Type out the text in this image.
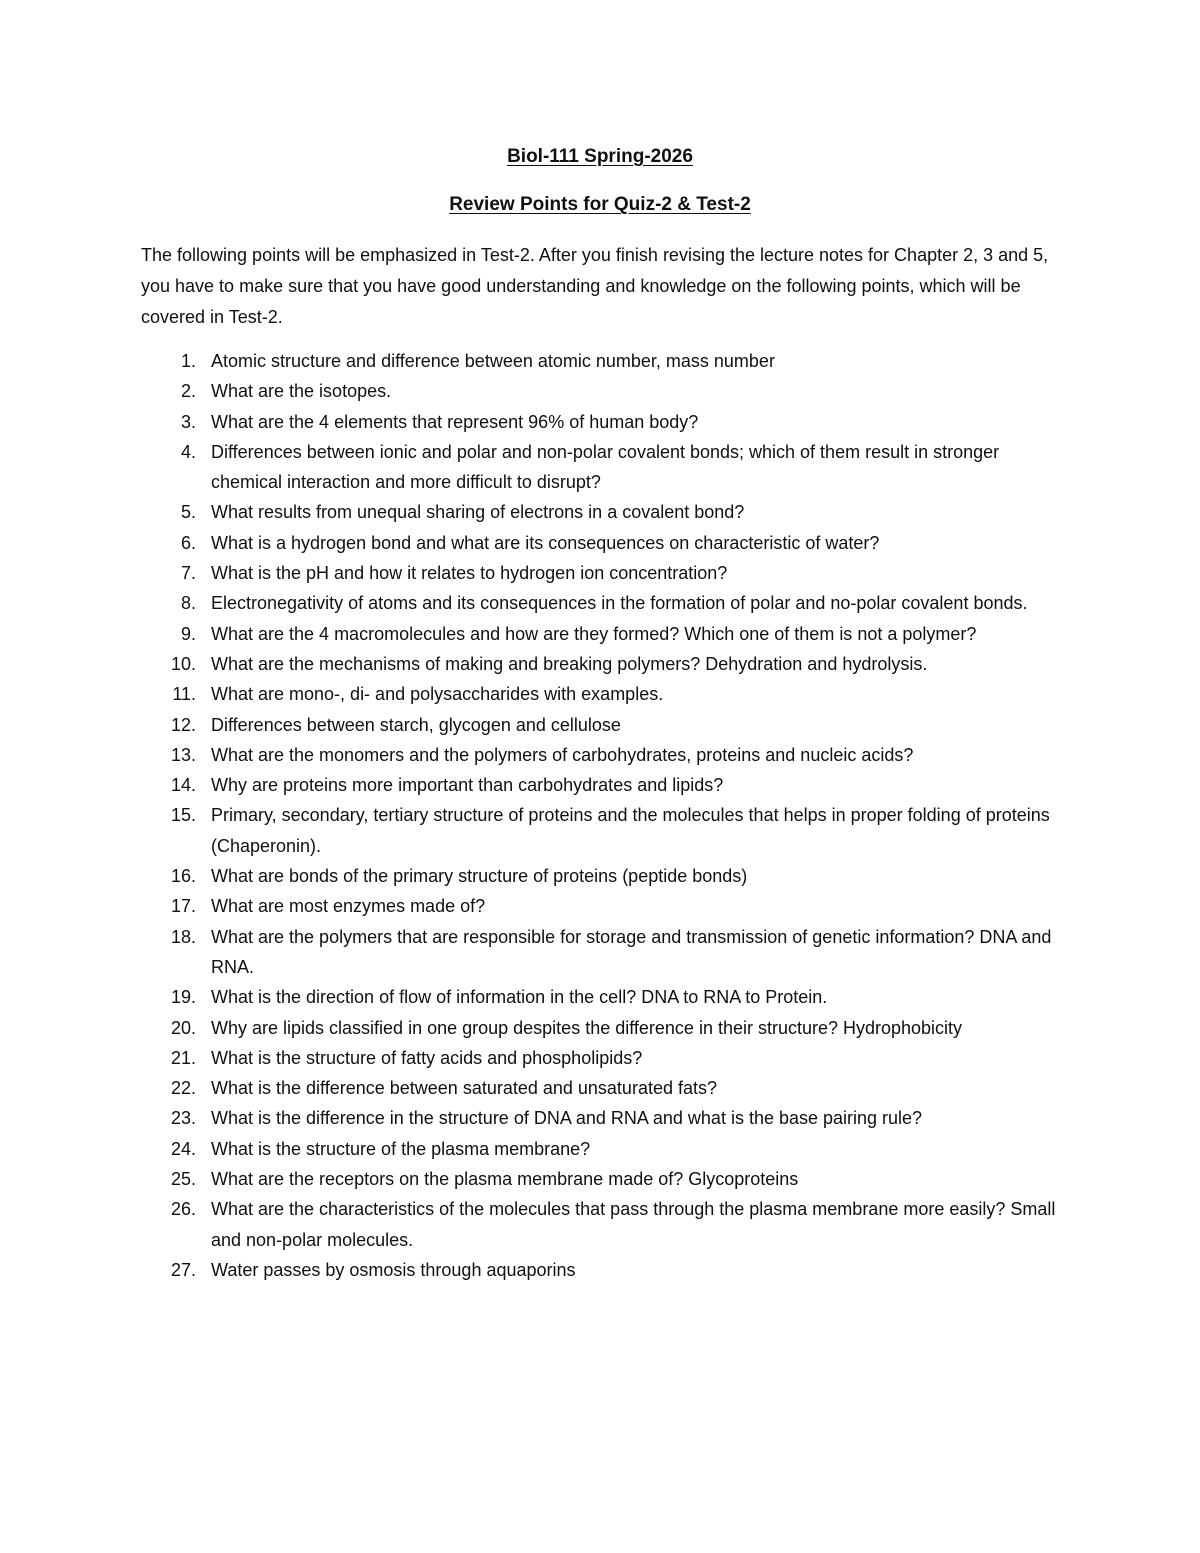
Biol-111 Spring-2026
Review Points for Quiz-2 & Test-2

The following points will be emphasized in Test-2. After you finish revising the lecture notes for Chapter 2, 3 and 5, you have to make sure that you have good understanding and knowledge on the following points, which will be covered in Test-2.

1. Atomic structure and difference between atomic number, mass number
2. What are the isotopes.
3. What are the 4 elements that represent 96% of human body?
4. Differences between ionic and polar and non-polar covalent bonds; which of them result in stronger chemical interaction and more difficult to disrupt?
5. What results from unequal sharing of electrons in a covalent bond?
6. What is a hydrogen bond and what are its consequences on characteristic of water?
7. What is the pH and how it relates to hydrogen ion concentration?
8. Electronegativity of atoms and its consequences in the formation of polar and no-polar covalent bonds.
9. What are the 4 macromolecules and how are they formed? Which one of them is not a polymer?
10. What are the mechanisms of making and breaking polymers? Dehydration and hydrolysis.
11. What are mono-, di- and polysaccharides with examples.
12. Differences between starch, glycogen and cellulose
13. What are the monomers and the polymers of carbohydrates, proteins and nucleic acids?
14. Why are proteins more important than carbohydrates and lipids?
15. Primary, secondary, tertiary structure of proteins and the molecules that helps in proper folding of proteins (Chaperonin).
16. What are bonds of the primary structure of proteins (peptide bonds)
17. What are most enzymes made of?
18. What are the polymers that are responsible for storage and transmission of genetic information? DNA and RNA.
19. What is the direction of flow of information in the cell? DNA to RNA to Protein.
20. Why are lipids classified in one group despites the difference in their structure? Hydrophobicity
21. What is the structure of fatty acids and phospholipids?
22. What is the difference between saturated and unsaturated fats?
23. What is the difference in the structure of DNA and RNA and what is the base pairing rule?
24. What is the structure of the plasma membrane?
25. What are the receptors on the plasma membrane made of? Glycoproteins
26. What are the characteristics of the molecules that pass through the plasma membrane more easily? Small and non-polar molecules.
27. Water passes by osmosis through aquaporins
